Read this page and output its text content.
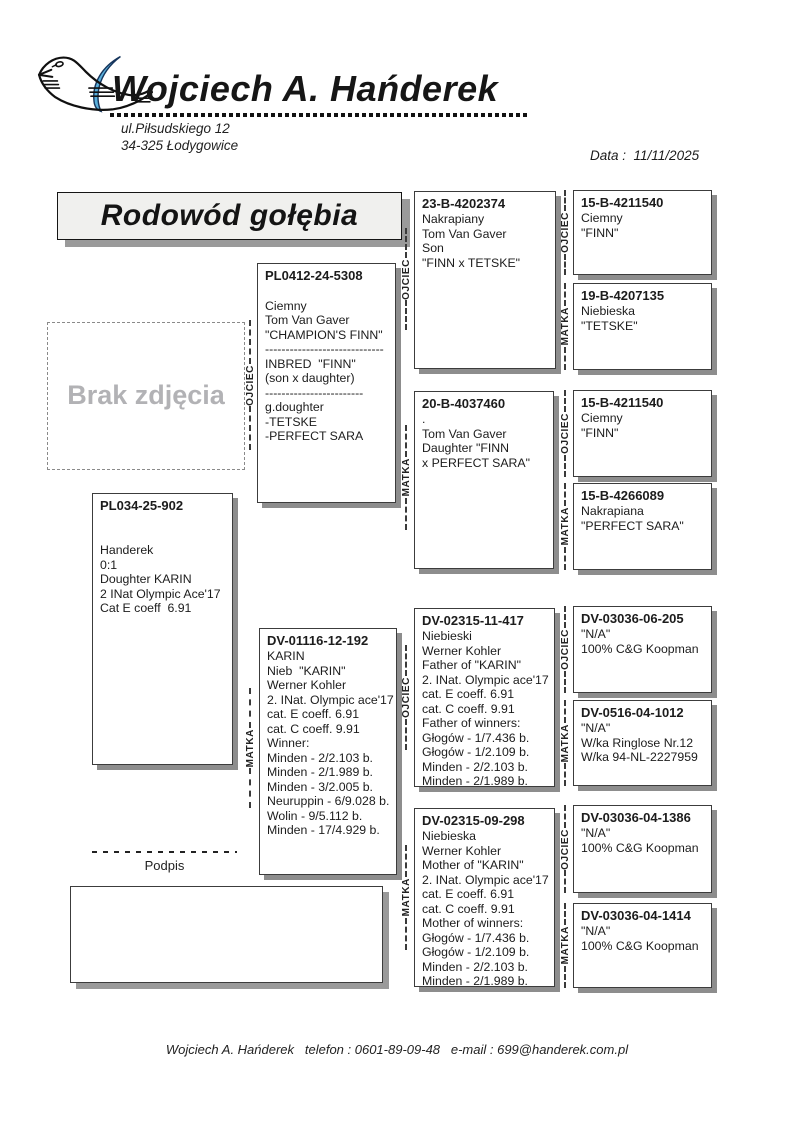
Wojciech A. Hańderek
ul.Piłsudskiego 12
34-325 Łodygowice
Data :  11/11/2025
Rodowód gołębia
Brak zdjęcia
PL034-25-902

Handerek
0:1
Doughter KARIN
2 INat Olympic Ace'17
Cat E coeff  6.91
PL0412-24-5308

Ciemny
Tom Van Gaver
"CHAMPION'S FINN"
-----------------------------
INBRED  "FINN"
(son x daughter)
------------------------
g.doughter
-TETSKE
-PERFECT SARA
DV-01116-12-192
KARIN
Nieb  "KARIN"
Werner Kohler
2. INat. Olympic ace'17
cat. E coeff. 6.91
cat. C coeff. 9.91
Winner:
Minden - 2/2.103 b.
Minden - 2/1.989 b.
Minden - 3/2.005 b.
Neuruppin - 6/9.028 b.
Wolin - 9/5.112 b.
Minden - 17/4.929 b.
23-B-4202374
Nakrapiany
Tom Van Gaver
Son
"FINN x TETSKE"
20-B-4037460
.
Tom Van Gaver
Daughter "FINN
x PERFECT SARA"
DV-02315-11-417
Niebieski
Werner Kohler
Father of "KARIN"
2. INat. Olympic ace'17
cat. E coeff. 6.91
cat. C coeff. 9.91
Father of winners:
Głogów - 1/7.436 b.
Głogów - 1/2.109 b.
Minden - 2/2.103 b.
Minden - 2/1.989 b.
DV-02315-09-298
Niebieska
Werner Kohler
Mother of "KARIN"
2. INat. Olympic ace'17
cat. E coeff. 6.91
cat. C coeff. 9.91
Mother of winners:
Głogów - 1/7.436 b.
Głogów - 1/2.109 b.
Minden - 2/2.103 b.
Minden - 2/1.989 b.
15-B-4211540
Ciemny
"FINN"
19-B-4207135
Niebieska
"TETSKE"
15-B-4211540
Ciemny
"FINN"
15-B-4266089
Nakrapiana
"PERFECT SARA"
DV-03036-06-205
"N/A"
100% C&G Koopman
DV-0516-04-1012
"N/A"
W/ka Ringlose Nr.12
W/ka 94-NL-2227959
DV-03036-04-1386
"N/A"
100% C&G Koopman
DV-03036-04-1414
"N/A"
100% C&G Koopman
OJCIEC
MATKA
OJCIEC
MATKA
OJCIEC
MATKA
OJCIEC
MATKA
OJCIEC
MATKA
OJCIEC
MATKA
OJCIEC
MATKA
Podpis
Wojciech A. Hańderek   telefon : 0601-89-09-48   e-mail : 699@handerek.com.pl
